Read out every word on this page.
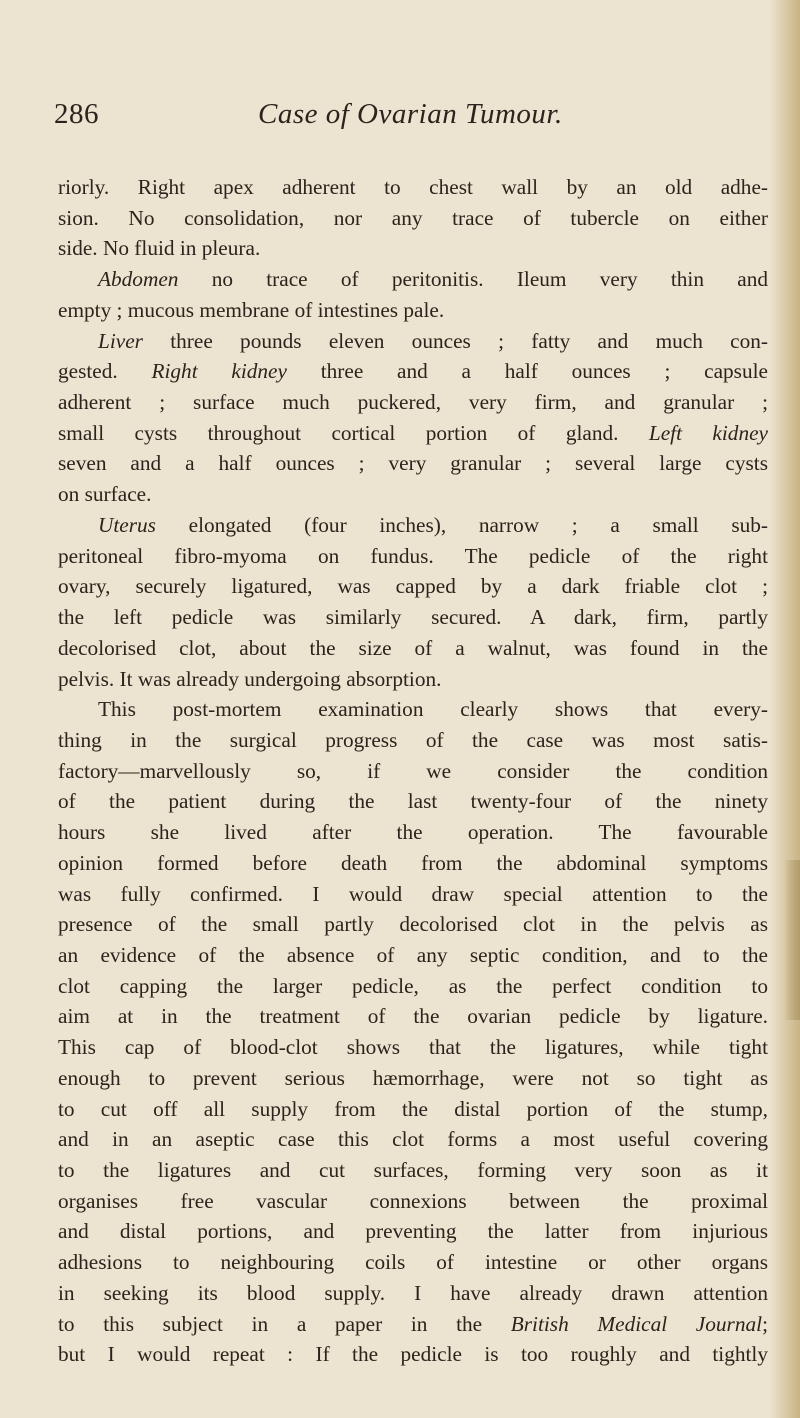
286	Case of Ovarian Tumour.
riorly. Right apex adherent to chest wall by an old adhe-
sion. No consolidation, nor any trace of tubercle on either
side. No fluid in pleura.
Abdomen no trace of peritonitis. Ileum very thin and
empty ; mucous membrane of intestines pale.
Liver three pounds eleven ounces ; fatty and much con-
gested. Right kidney three and a half ounces ; capsule
adherent ; surface much puckered, very firm, and granular ;
small cysts throughout cortical portion of gland. Left kidney
seven and a half ounces ; very granular ; several large cysts
on surface.
Uterus elongated (four inches), narrow ; a small sub-
peritoneal fibro-myoma on fundus. The pedicle of the right
ovary, securely ligatured, was capped by a dark friable clot ;
the left pedicle was similarly secured. A dark, firm, partly
decolorised clot, about the size of a walnut, was found in the
pelvis. It was already undergoing absorption.
This post-mortem examination clearly shows that every-
thing in the surgical progress of the case was most satis-
factory—marvellously so, if we consider the condition
of the patient during the last twenty-four of the ninety
hours she lived after the operation. The favourable
opinion formed before death from the abdominal symptoms
was fully confirmed. I would draw special attention to the
presence of the small partly decolorised clot in the pelvis as
an evidence of the absence of any septic condition, and to the
clot capping the larger pedicle, as the perfect condition to
aim at in the treatment of the ovarian pedicle by ligature.
This cap of blood-clot shows that the ligatures, while tight
enough to prevent serious hæmorrhage, were not so tight as
to cut off all supply from the distal portion of the stump,
and in an aseptic case this clot forms a most useful covering
to the ligatures and cut surfaces, forming very soon as it
organises free vascular connexions between the proximal
and distal portions, and preventing the latter from injurious
adhesions to neighbouring coils of intestine or other organs
in seeking its blood supply. I have already drawn attention
to this subject in a paper in the British Medical Journal;
but I would repeat : If the pedicle is too roughly and tightly
